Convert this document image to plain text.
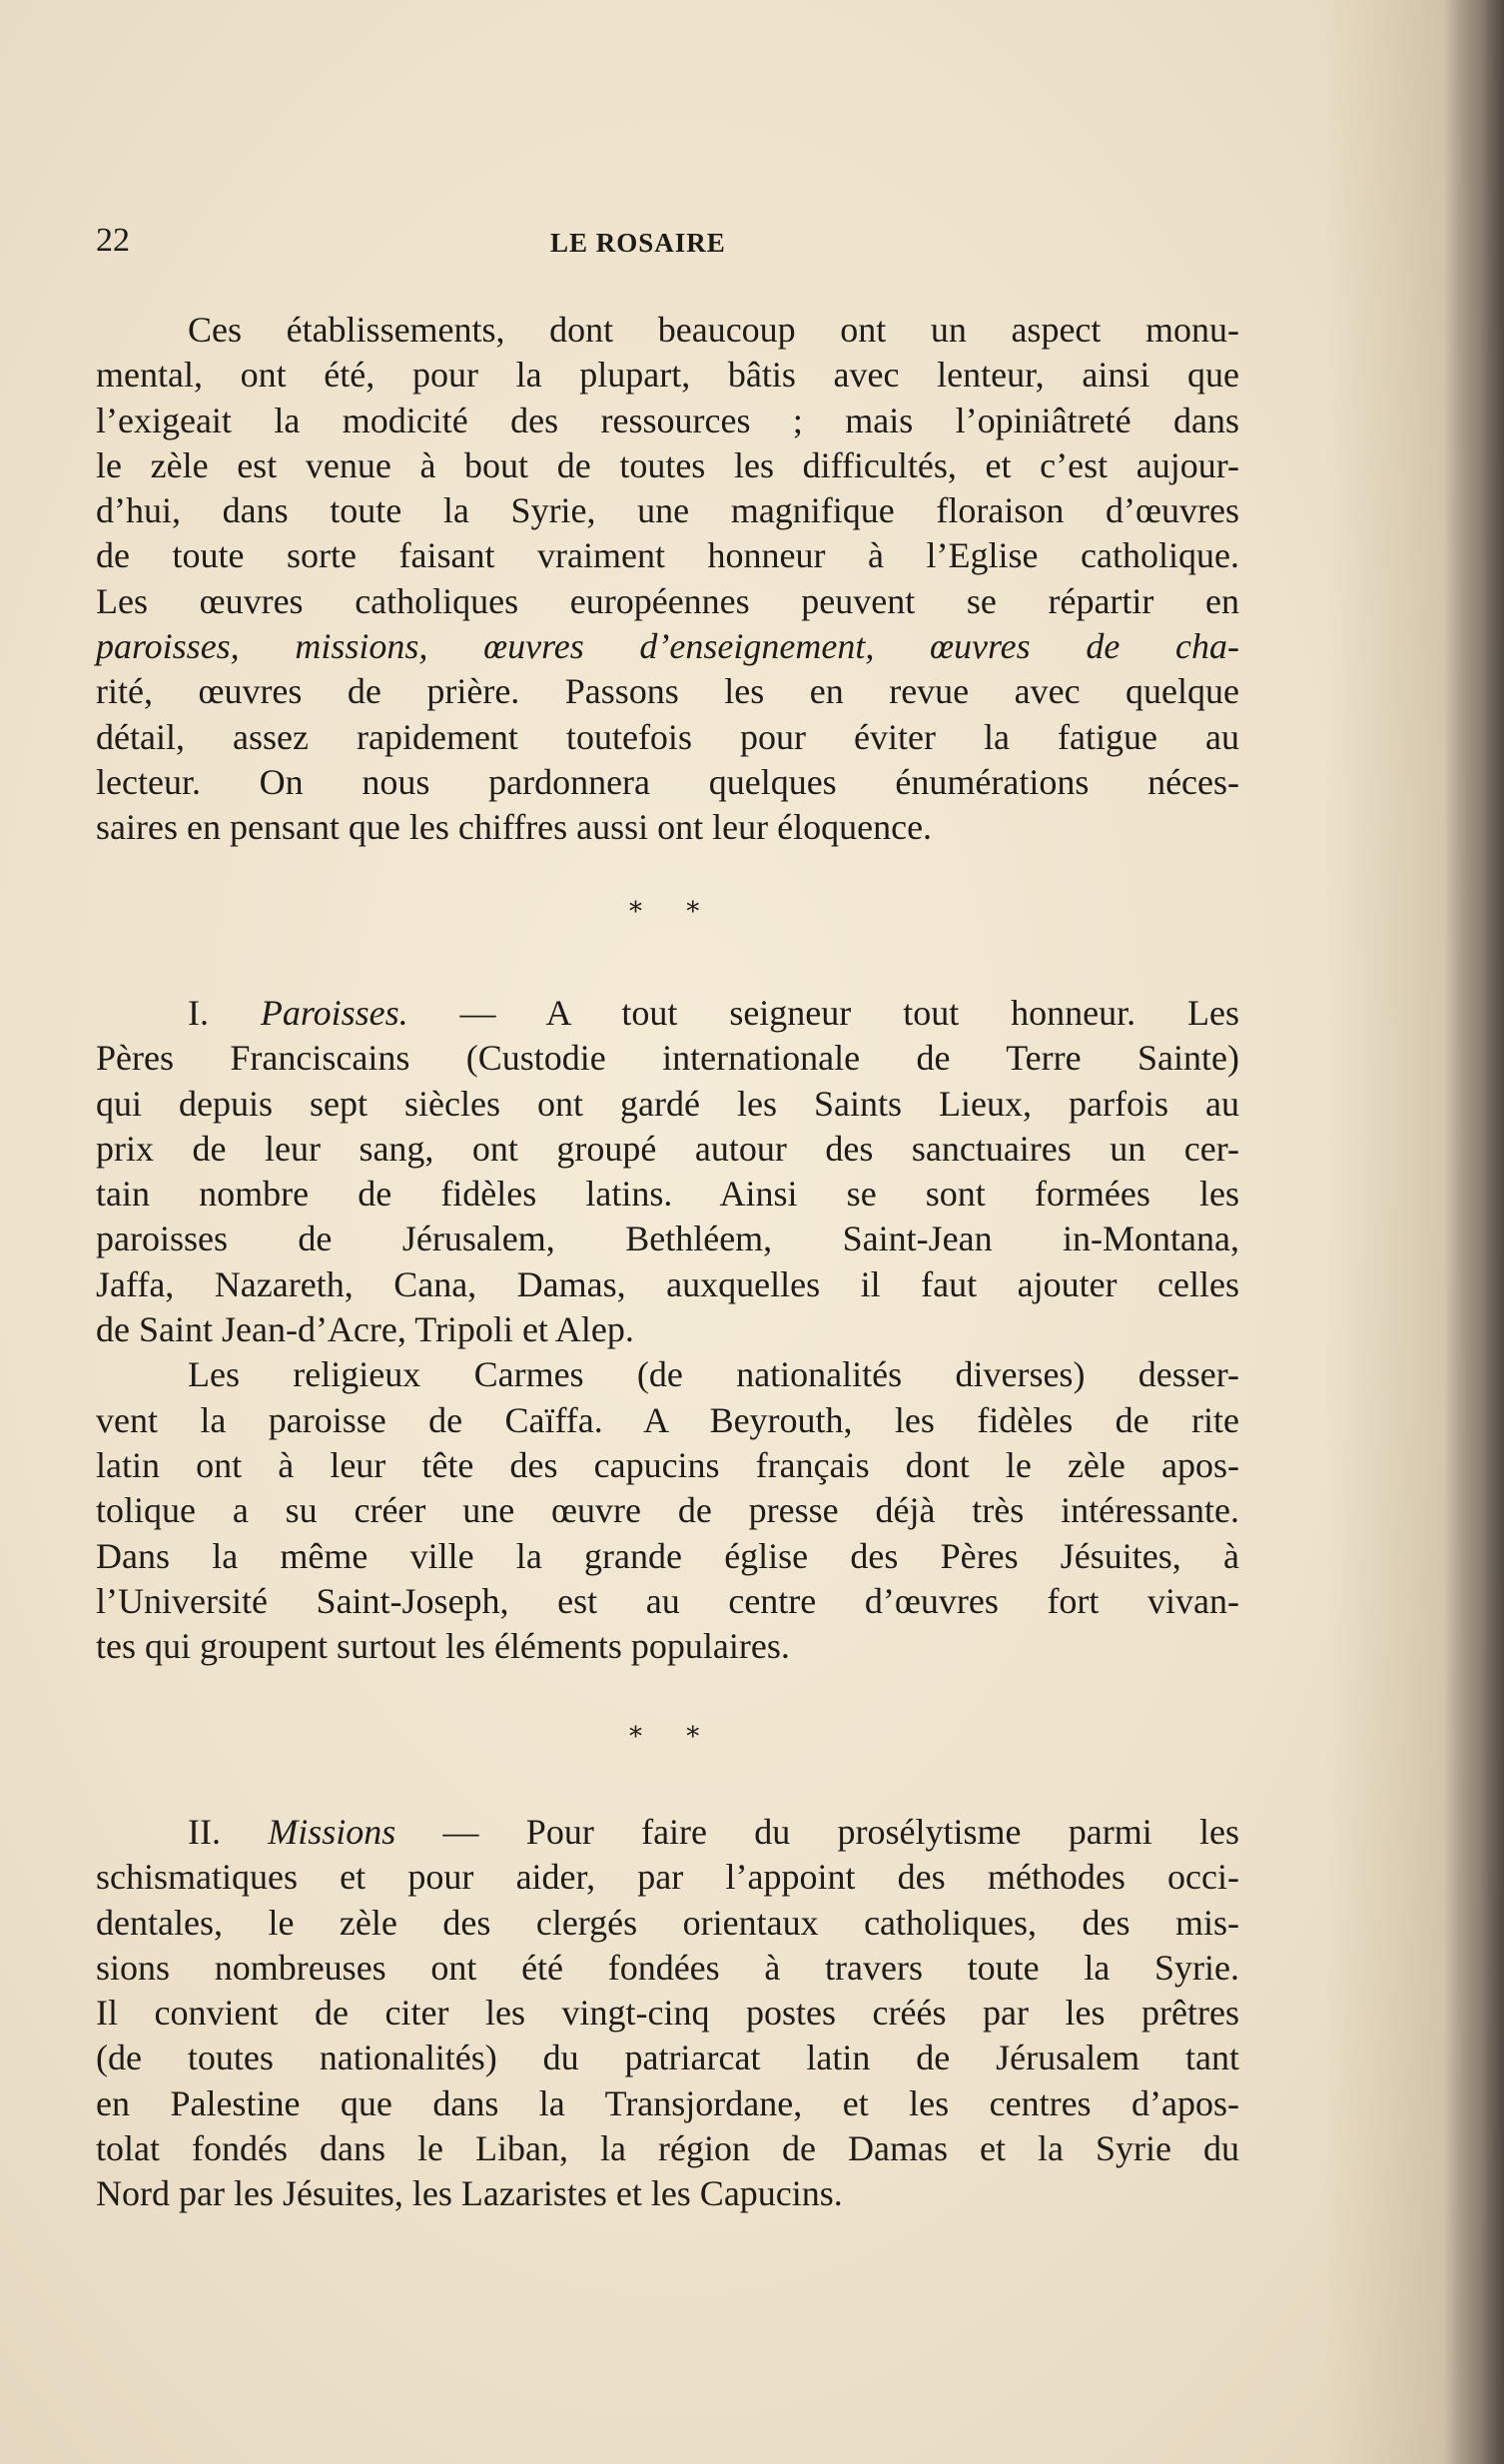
22	LE ROSAIRE
Ces établissements, dont beaucoup ont un aspect monu-
mental, ont été, pour la plupart, bâtis avec lenteur, ainsi que
l’exigeait la modicité des ressources ; mais l’opiniâtreté dans
le zèle est venue à bout de toutes les difficultés, et c’est aujour-
d’hui, dans toute la Syrie, une magnifique floraison d’œuvres
de toute sorte faisant vraiment honneur à l’Eglise catholique.
Les œuvres catholiques européennes peuvent se répartir en
paroisses, missions, œuvres d’enseignement, œuvres de cha-
rité, œuvres de prière. Passons les en revue avec quelque
détail, assez rapidement toutefois pour éviter la fatigue au
lecteur. On nous pardonnera quelques énumérations néces-
saires en pensant que les chiffres aussi ont leur éloquence.
* *
I. Paroisses. — A tout seigneur tout honneur. Les
Pères Franciscains (Custodie internationale de Terre Sainte)
qui depuis sept siècles ont gardé les Saints Lieux, parfois au
prix de leur sang, ont groupé autour des sanctuaires un cer-
tain nombre de fidèles latins. Ainsi se sont formées les
paroisses de Jérusalem, Bethléem, Saint-Jean in-Montana,
Jaffa, Nazareth, Cana, Damas, auxquelles il faut ajouter celles
de Saint Jean-d’Acre, Tripoli et Alep.
Les religieux Carmes (de nationalités diverses) desser-
vent la paroisse de Caïffa. A Beyrouth, les fidèles de rite
latin ont à leur tête des capucins français dont le zèle apos-
tolique a su créer une œuvre de presse déjà très intéressante.
Dans la même ville la grande église des Pères Jésuites, à
l’Université Saint-Joseph, est au centre d’œuvres fort vivan-
tes qui groupent surtout les éléments populaires.
* *
II. Missions — Pour faire du prosélytisme parmi les
schismatiques et pour aider, par l’appoint des méthodes occi-
dentales, le zèle des clergés orientaux catholiques, des mis-
sions nombreuses ont été fondées à travers toute la Syrie.
Il convient de citer les vingt-cinq postes créés par les prêtres
(de toutes nationalités) du patriarcat latin de Jérusalem tant
en Palestine que dans la Transjordane, et les centres d’apos-
tolat fondés dans le Liban, la région de Damas et la Syrie du
Nord par les Jésuites, les Lazaristes et les Capucins.
